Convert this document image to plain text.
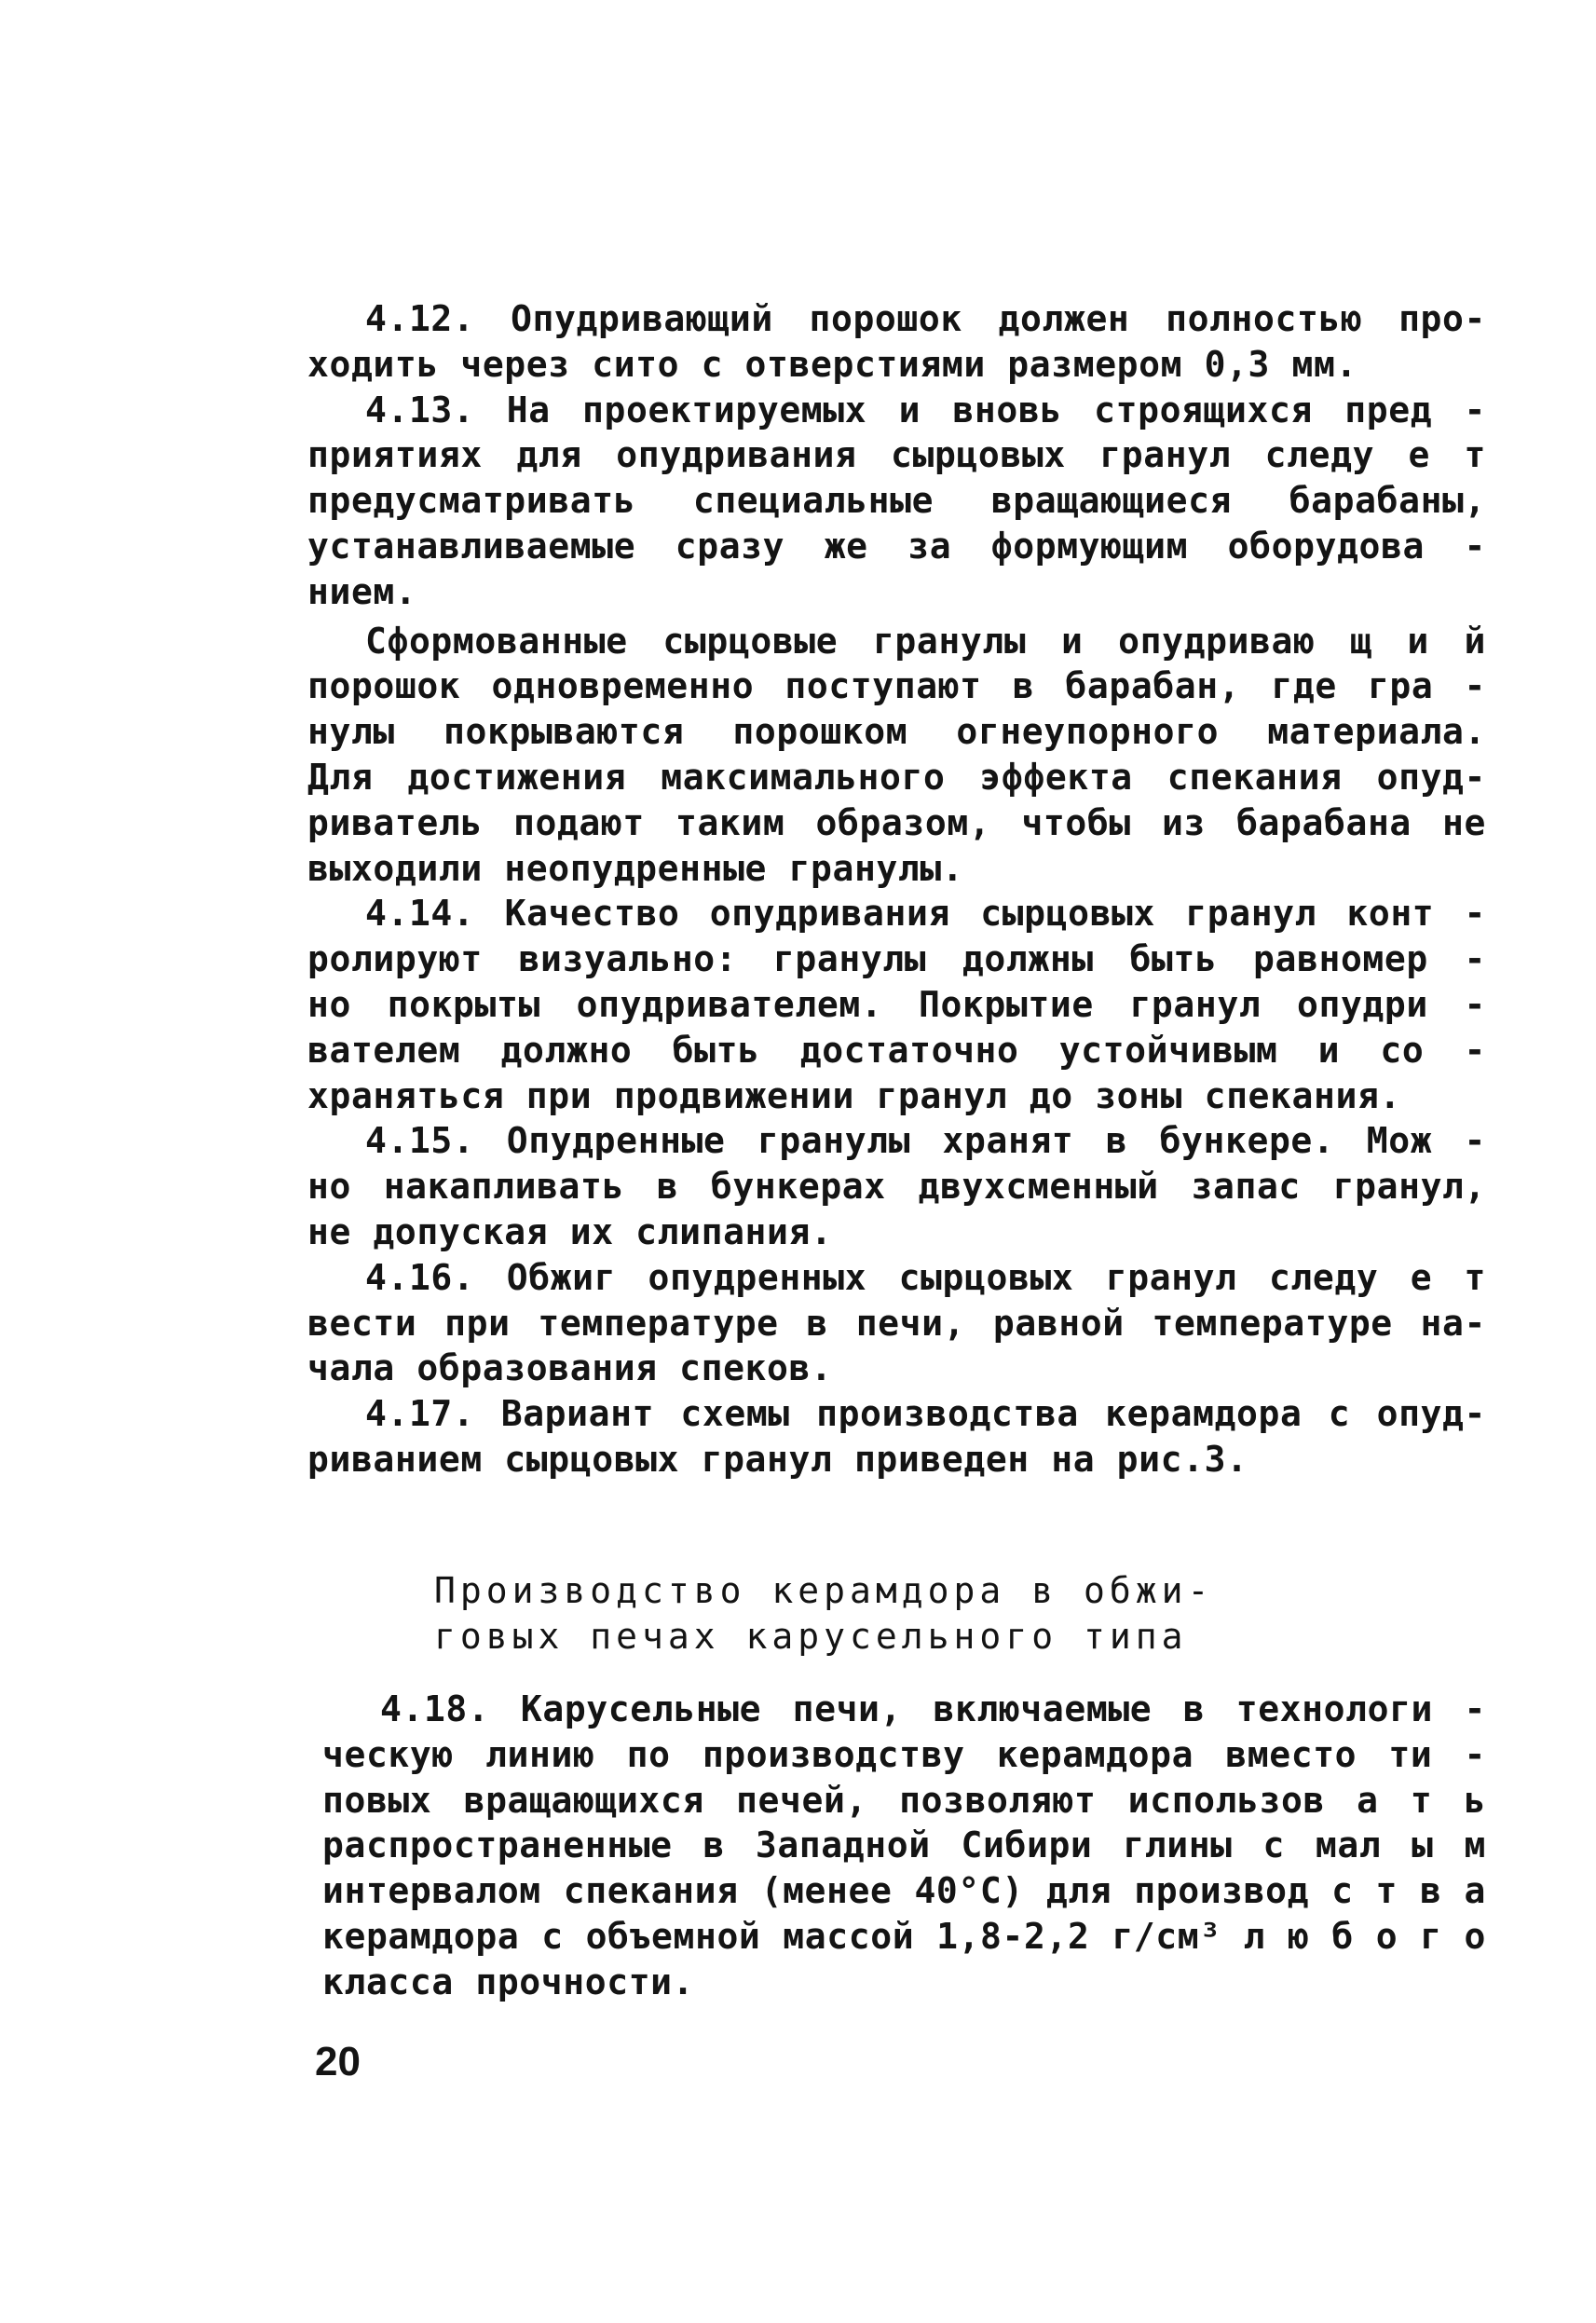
4.12. Опудривающий порошок должен полностью про-
ходить через сито с отверстиями размером 0,3 мм.
4.13. На проектируемых и вновь строящихся пред -
приятиях для опудривания сырцовых гранул следу е т
предусматривать специальные вращающиеся барабаны,
устанавливаемые сразу же за формующим оборудова -
нием.
Сформованные сырцовые гранулы и опудриваю щ и й
порошок одновременно поступают в барабан, где гра -
нулы покрываются порошком огнеупорного материала.
Для достижения максимального эффекта спекания опуд-
риватель подают таким образом, чтобы из барабана не
выходили неопудренные гранулы.
4.14. Качество опудривания сырцовых гранул конт -
ролируют визуально: гранулы должны быть равномер -
но покрыты опудривателем. Покрытие гранул опудри -
вателем должно быть достаточно устойчивым и со -
храняться при продвижении гранул до зоны спекания.
4.15. Опудренные гранулы хранят в бункере. Мож -
но накапливать в бункерах двухсменный запас гранул,
не допуская их слипания.
4.16. Обжиг опудренных сырцовых гранул следу е т
вести при температуре в печи, равной температуре на-
чала образования спеков.
4.17. Вариант схемы производства керамдора с опуд-
риванием сырцовых гранул приведен на рис.3.
Производство керамдора в обжи-
говых печах карусельного типа
4.18. Карусельные печи, включаемые в технологи -
ческую линию по производству керамдора вместо ти -
повых вращающихся печей, позволяют использов а т ь
распространенные в Западной Сибири глины с мал ы м
интервалом спекания (менее 40°C) для производ с т в а
керамдора с объемной массой 1,8-2,2 г/см³ л ю б о г о
класса прочности.
20
